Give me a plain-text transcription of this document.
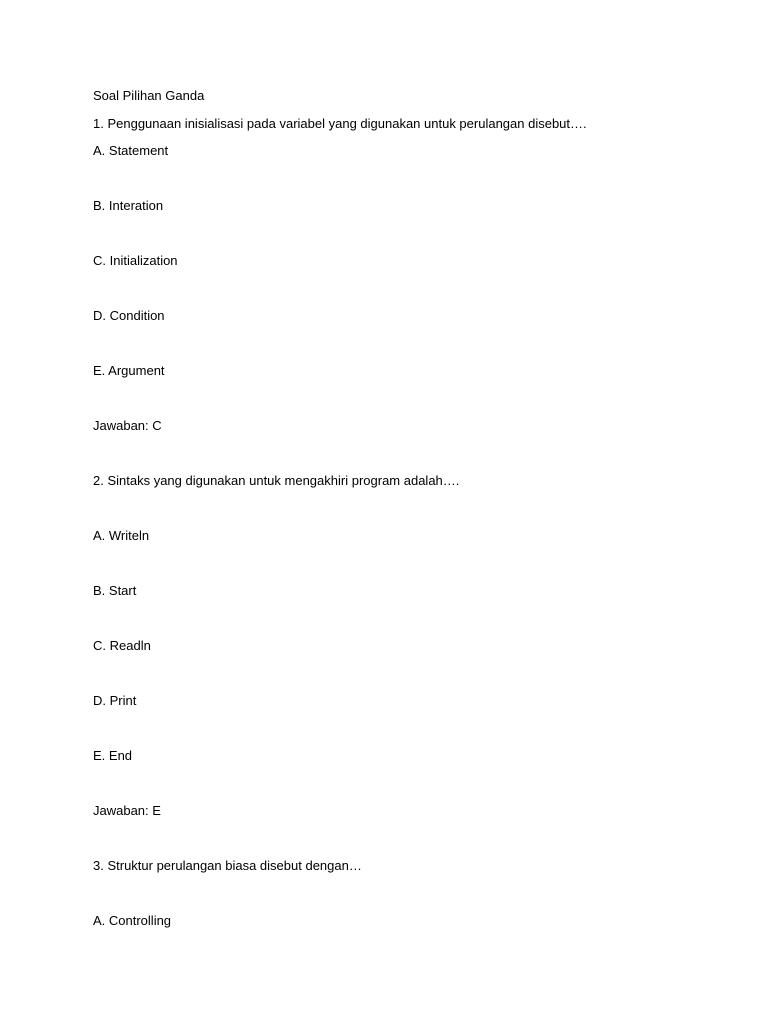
Soal Pilihan Ganda
1. Penggunaan inisialisasi pada variabel yang digunakan untuk perulangan disebut….
A. Statement
B. Interation
C. Initialization
D. Condition
E. Argument
Jawaban: C
2. Sintaks yang digunakan untuk mengakhiri program adalah….
A. Writeln
B. Start
C. Readln
D. Print
E. End
Jawaban: E
3. Struktur perulangan biasa disebut dengan…
A. Controlling
